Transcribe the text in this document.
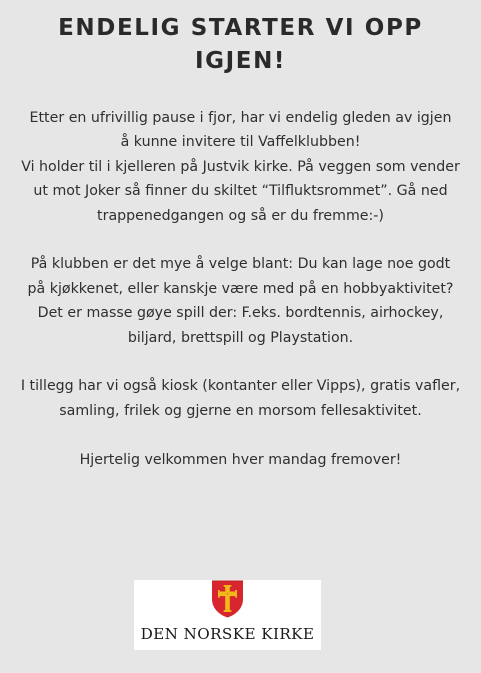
ENDELIG STARTER VI OPP
IGJEN!

Etter en ufrivillig pause i fjor, har vi endelig gleden av igjen
å kunne invitere til Vaffelklubben!
Vi holder til i kjelleren på Justvik kirke. På veggen som vender
ut mot Joker så finner du skiltet “Tilfluktsrommet”. Gå ned
trappenedgangen og så er du fremme:-)

På klubben er det mye å velge blant: Du kan lage noe godt
på kjøkkenet, eller kanskje være med på en hobbyaktivitet?
Det er masse gøye spill der: F.eks. bordtennis, airhockey,
biljard, brettspill og Playstation.

I tillegg har vi også kiosk (kontanter eller Vipps), gratis vafler,
samling, frilek og gjerne en morsom fellesaktivitet.

Hjertelig velkommen hver mandag fremover!

DEN NORSKE KIRKE
